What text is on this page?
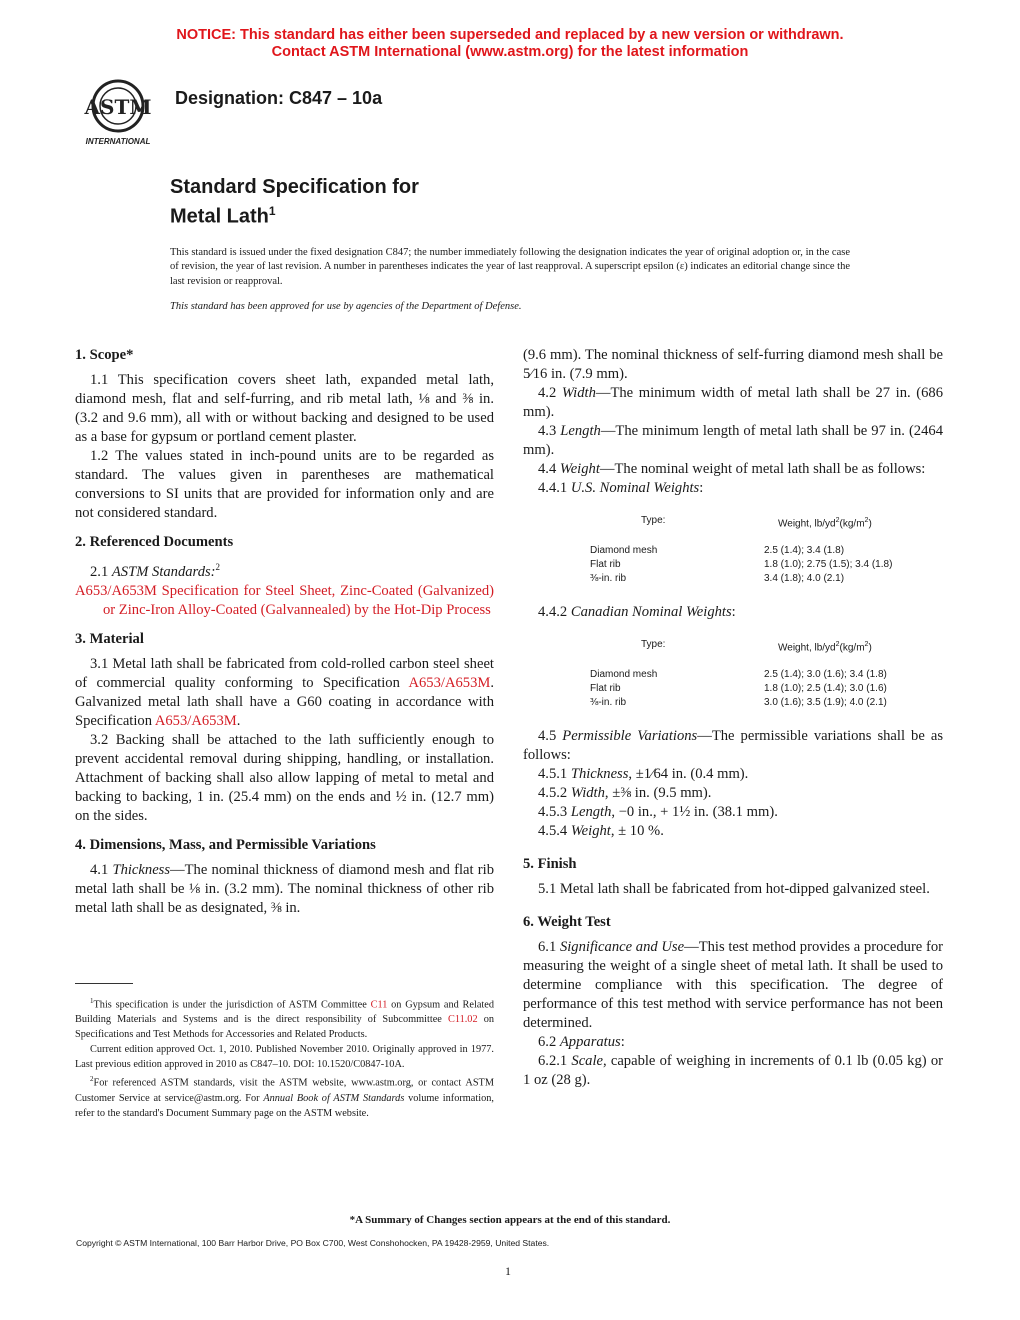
NOTICE: This standard has either been superseded and replaced by a new version or withdrawn.
Contact ASTM International (www.astm.org) for the latest information
ASTM
INTERNATIONAL
Designation: C847 – 10a
Standard Specification for
Metal Lath$^1$
This standard is issued under the fixed designation C847; the number immediately following the designation indicates the year of original adoption or, in the case of revision, the year of last revision. A number in parentheses indicates the year of last reapproval. A superscript epsilon (ε) indicates an editorial change since the last revision or reapproval.
This standard has been approved for use by agencies of the Department of Defense.
1. Scope*

1.1 This specification covers sheet lath, expanded metal lath, diamond mesh, flat and self-furring, and rib metal lath, ⅛ and ⅜ in. (3.2 and 9.6 mm), all with or without backing and designed to be used as a base for gypsum or portland cement plaster.

1.2 The values stated in inch-pound units are to be regarded as standard. The values given in parentheses are mathematical conversions to SI units that are provided for information only and are not considered standard.

2. Referenced Documents

2.1 ASTM Standards:$^2$

A653/A653M Specification for Steel Sheet, Zinc-Coated (Galvanized) or Zinc-Iron Alloy-Coated (Galvannealed) by the Hot-Dip Process

3. Material

3.1 Metal lath shall be fabricated from cold-rolled carbon steel sheet of commercial quality conforming to Specification A653/A653M. Galvanized metal lath shall have a G60 coating in accordance with Specification A653/A653M.

3.2 Backing shall be attached to the lath sufficiently enough to prevent accidental removal during shipping, handling, or installation. Attachment of backing shall also allow lapping of metal to metal and backing to backing, 1 in. (25.4 mm) on the ends and ½ in. (12.7 mm) on the sides.

4. Dimensions, Mass, and Permissible Variations

4.1 Thickness—The nominal thickness of diamond mesh and flat rib metal lath shall be ⅛ in. (3.2 mm). The nominal thickness of other rib metal lath shall be as designated, ⅜ in.

$^1$This specification is under the jurisdiction of ASTM Committee C11 on Gypsum and Related Building Materials and Systems and is the direct responsibility of Subcommittee C11.02 on Specifications and Test Methods for Accessories and Related Products.

Current edition approved Oct. 1, 2010. Published November 2010. Originally approved in 1977. Last previous edition approved in 2010 as C847–10. DOI: 10.1520/C0847-10A.

$^2$For referenced ASTM standards, visit the ASTM website, www.astm.org, or contact ASTM Customer Service at service@astm.org. For Annual Book of ASTM Standards volume information, refer to the standard's Document Summary page on the ASTM website.

(9.6 mm). The nominal thickness of self-furring diamond mesh shall be 5⁄16 in. (7.9 mm).

4.2 Width—The minimum width of metal lath shall be 27 in. (686 mm).

4.3 Length—The minimum length of metal lath shall be 97 in. (2464 mm).

4.4 Weight—The nominal weight of metal lath shall be as follows:

4.4.1 U.S. Nominal Weights:

Type:	Weight, $lb/yd^2(kg/m^2)$
Diamond mesh	2.5 (1.4); 3.4 (1.8)
Flat rib	1.8 (1.0); 2.75 (1.5); 3.4 (1.8)
⅜-in. rib	3.4 (1.8); 4.0 (2.1)

4.4.2 Canadian Nominal Weights:

Type:	Weight, $lb/yd^2(kg/m^2)$
Diamond mesh	2.5 (1.4); 3.0 (1.6); 3.4 (1.8)
Flat rib	1.8 (1.0); 2.5 (1.4); 3.0 (1.6)
⅜-in. rib	3.0 (1.6); 3.5 (1.9); 4.0 (2.1)

4.5 Permissible Variations—The permissible variations shall be as follows:

4.5.1 Thickness, ±1⁄64 in. (0.4 mm).

4.5.2 Width, ±⅜ in. (9.5 mm).

4.5.3 Length, −0 in., + 1½ in. (38.1 mm).

4.5.4 Weight, ± 10 %.

5. Finish

5.1 Metal lath shall be fabricated from hot-dipped galvanized steel.

6. Weight Test

6.1 Significance and Use—This test method provides a procedure for measuring the weight of a single sheet of metal lath. It shall be used to determine compliance with this specification. The degree of performance of this test method with service performance has not been determined.

6.2 Apparatus:

6.2.1 Scale, capable of weighing in increments of 0.1 lb (0.05 kg) or 1 oz (28 g).

*A Summary of Changes section appears at the end of this standard.
Copyright © ASTM International, 100 Barr Harbor Drive, PO Box C700, West Conshohocken, PA 19428-2959, United States.
1
